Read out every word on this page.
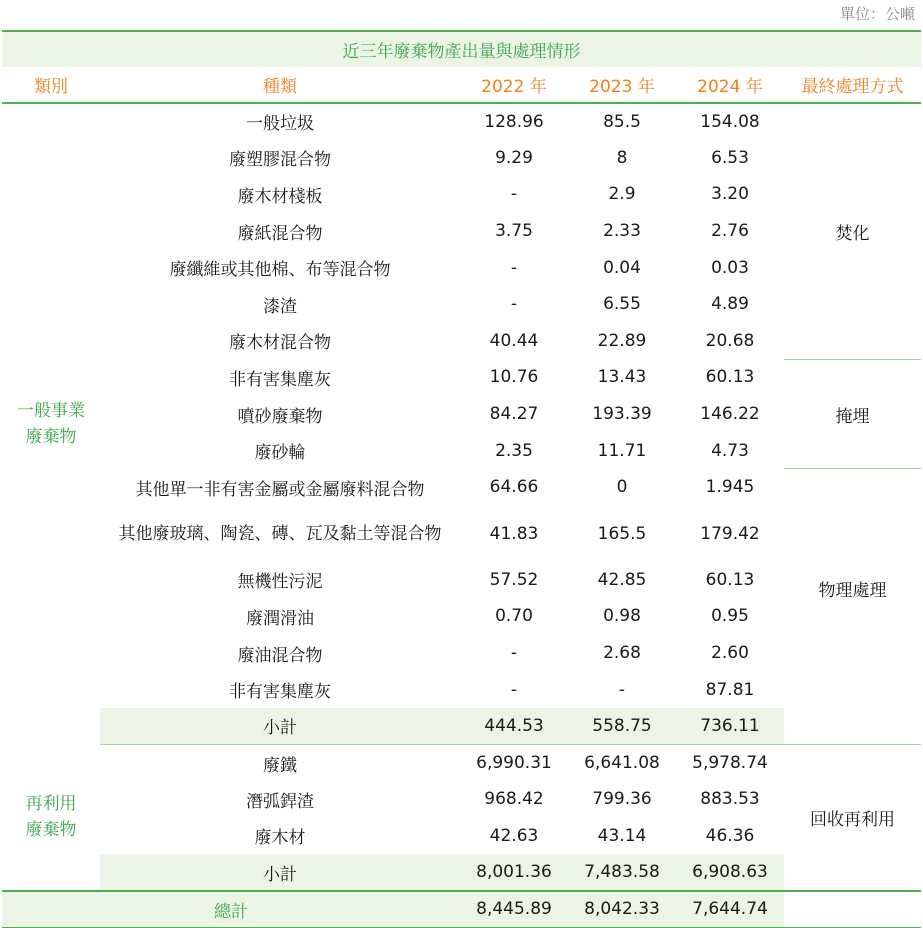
單位：公噸
近三年廢棄物產出量與處理情形					
類別	種類	2022 年	2023 年	2024 年	最終處理方式
一般事業
廢棄物	一般垃圾	128.96	85.5	154.08	焚化
	廢塑膠混合物	9.29	8	6.53	
	廢木材棧板	-	2.9	3.20	
	廢紙混合物	3.75	2.33	2.76	
	廢纖維或其他棉、布等混合物	-	0.04	0.03	
	漆渣	-	6.55	4.89	
	廢木材混合物	40.44	22.89	20.68	
	非有害集塵灰	10.76	13.43	60.13	掩埋
	噴砂廢棄物	84.27	193.39	146.22	
	廢砂輪	2.35	11.71	4.73	
	其他單一非有害金屬或金屬廢料混合物	64.66	0	1.945	物理處理
	其他廢玻璃、陶瓷、磚、瓦及黏土等混合物	41.83	165.5	179.42	
	無機性污泥	57.52	42.85	60.13	
	廢潤滑油	0.70	0.98	0.95	
	廢油混合物	-	2.68	2.60	
	非有害集塵灰	-	-	87.81	
	小計	444.53	558.75	736.11	
再利用
廢棄物	廢鐵	6,990.31	6,641.08	5,978.74	回收再利用
	潛弧銲渣	968.42	799.36	883.53	
	廢木材	42.63	43.14	46.36	
	小計	8,001.36	7,483.58	6,908.63	
總計		8,445.89	8,042.33	7,644.74	
